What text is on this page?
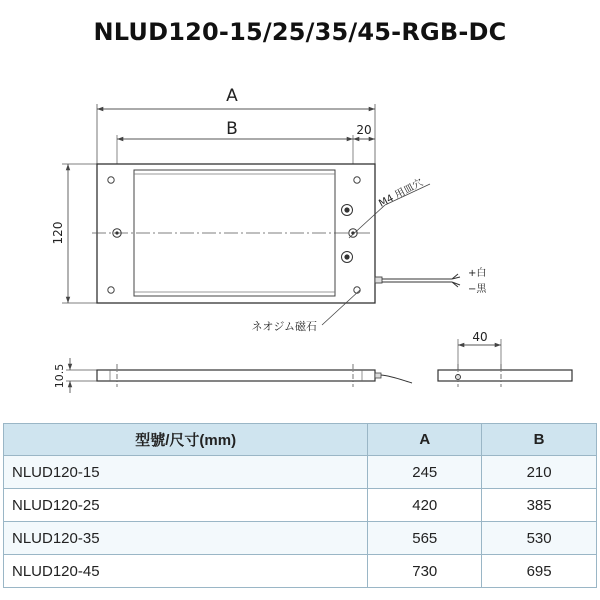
NLUD120-15/25/35/45-RGB-DC
A
B	20
120
M4 用皿穴
ネオジム磁石
+白
−黒
10.5
40
型號/尺寸(mm)	A	B
NLUD120-15	245	210
NLUD120-25	420	385
NLUD120-35	565	530
NLUD120-45	730	695
